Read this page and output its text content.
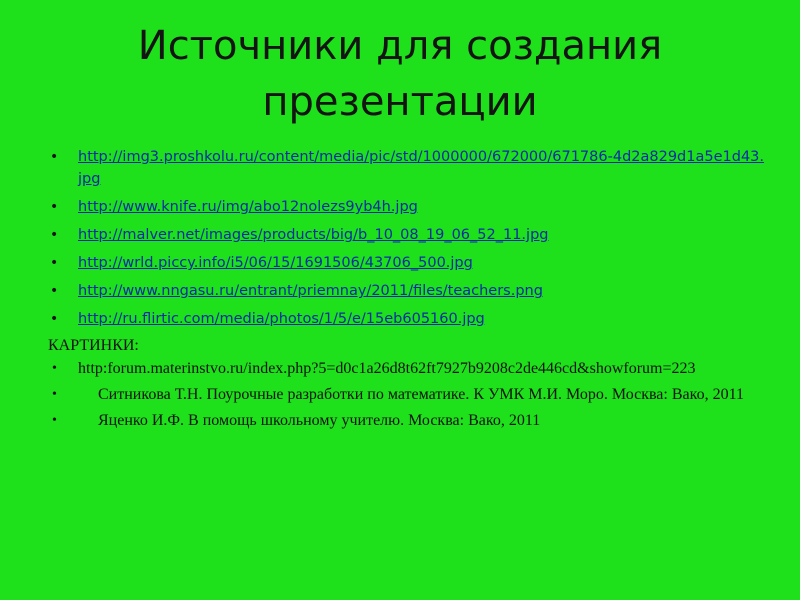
Источники для создания
презентации
• http://img3.proshkolu.ru/content/media/pic/std/1000000/672000/671786-4d2a829d1a5e1d43.jpg
• http://www.knife.ru/img/abo12nolezs9yb4h.jpg
• http://malver.net/images/products/big/b_10_08_19_06_52_11.jpg
• http://wrld.piccy.info/i5/06/15/1691506/43706_500.jpg
• http://www.nngasu.ru/entrant/priemnay/2011/files/teachers.png
• http://ru.flirtic.com/media/photos/1/5/e/15eb605160.jpg

КАРТИНКИ:

• http:forum.materinstvo.ru/index.php?5=d0c1a26d8t62ft7927b9208c2de446cd&showforum=223
•	Ситникова Т.Н. Поурочные разработки по математике. К УМК М.И. Моро. Москва: Вако, 2011
•	Яценко И.Ф. В помощь школьному учителю. Москва: Вако, 2011
